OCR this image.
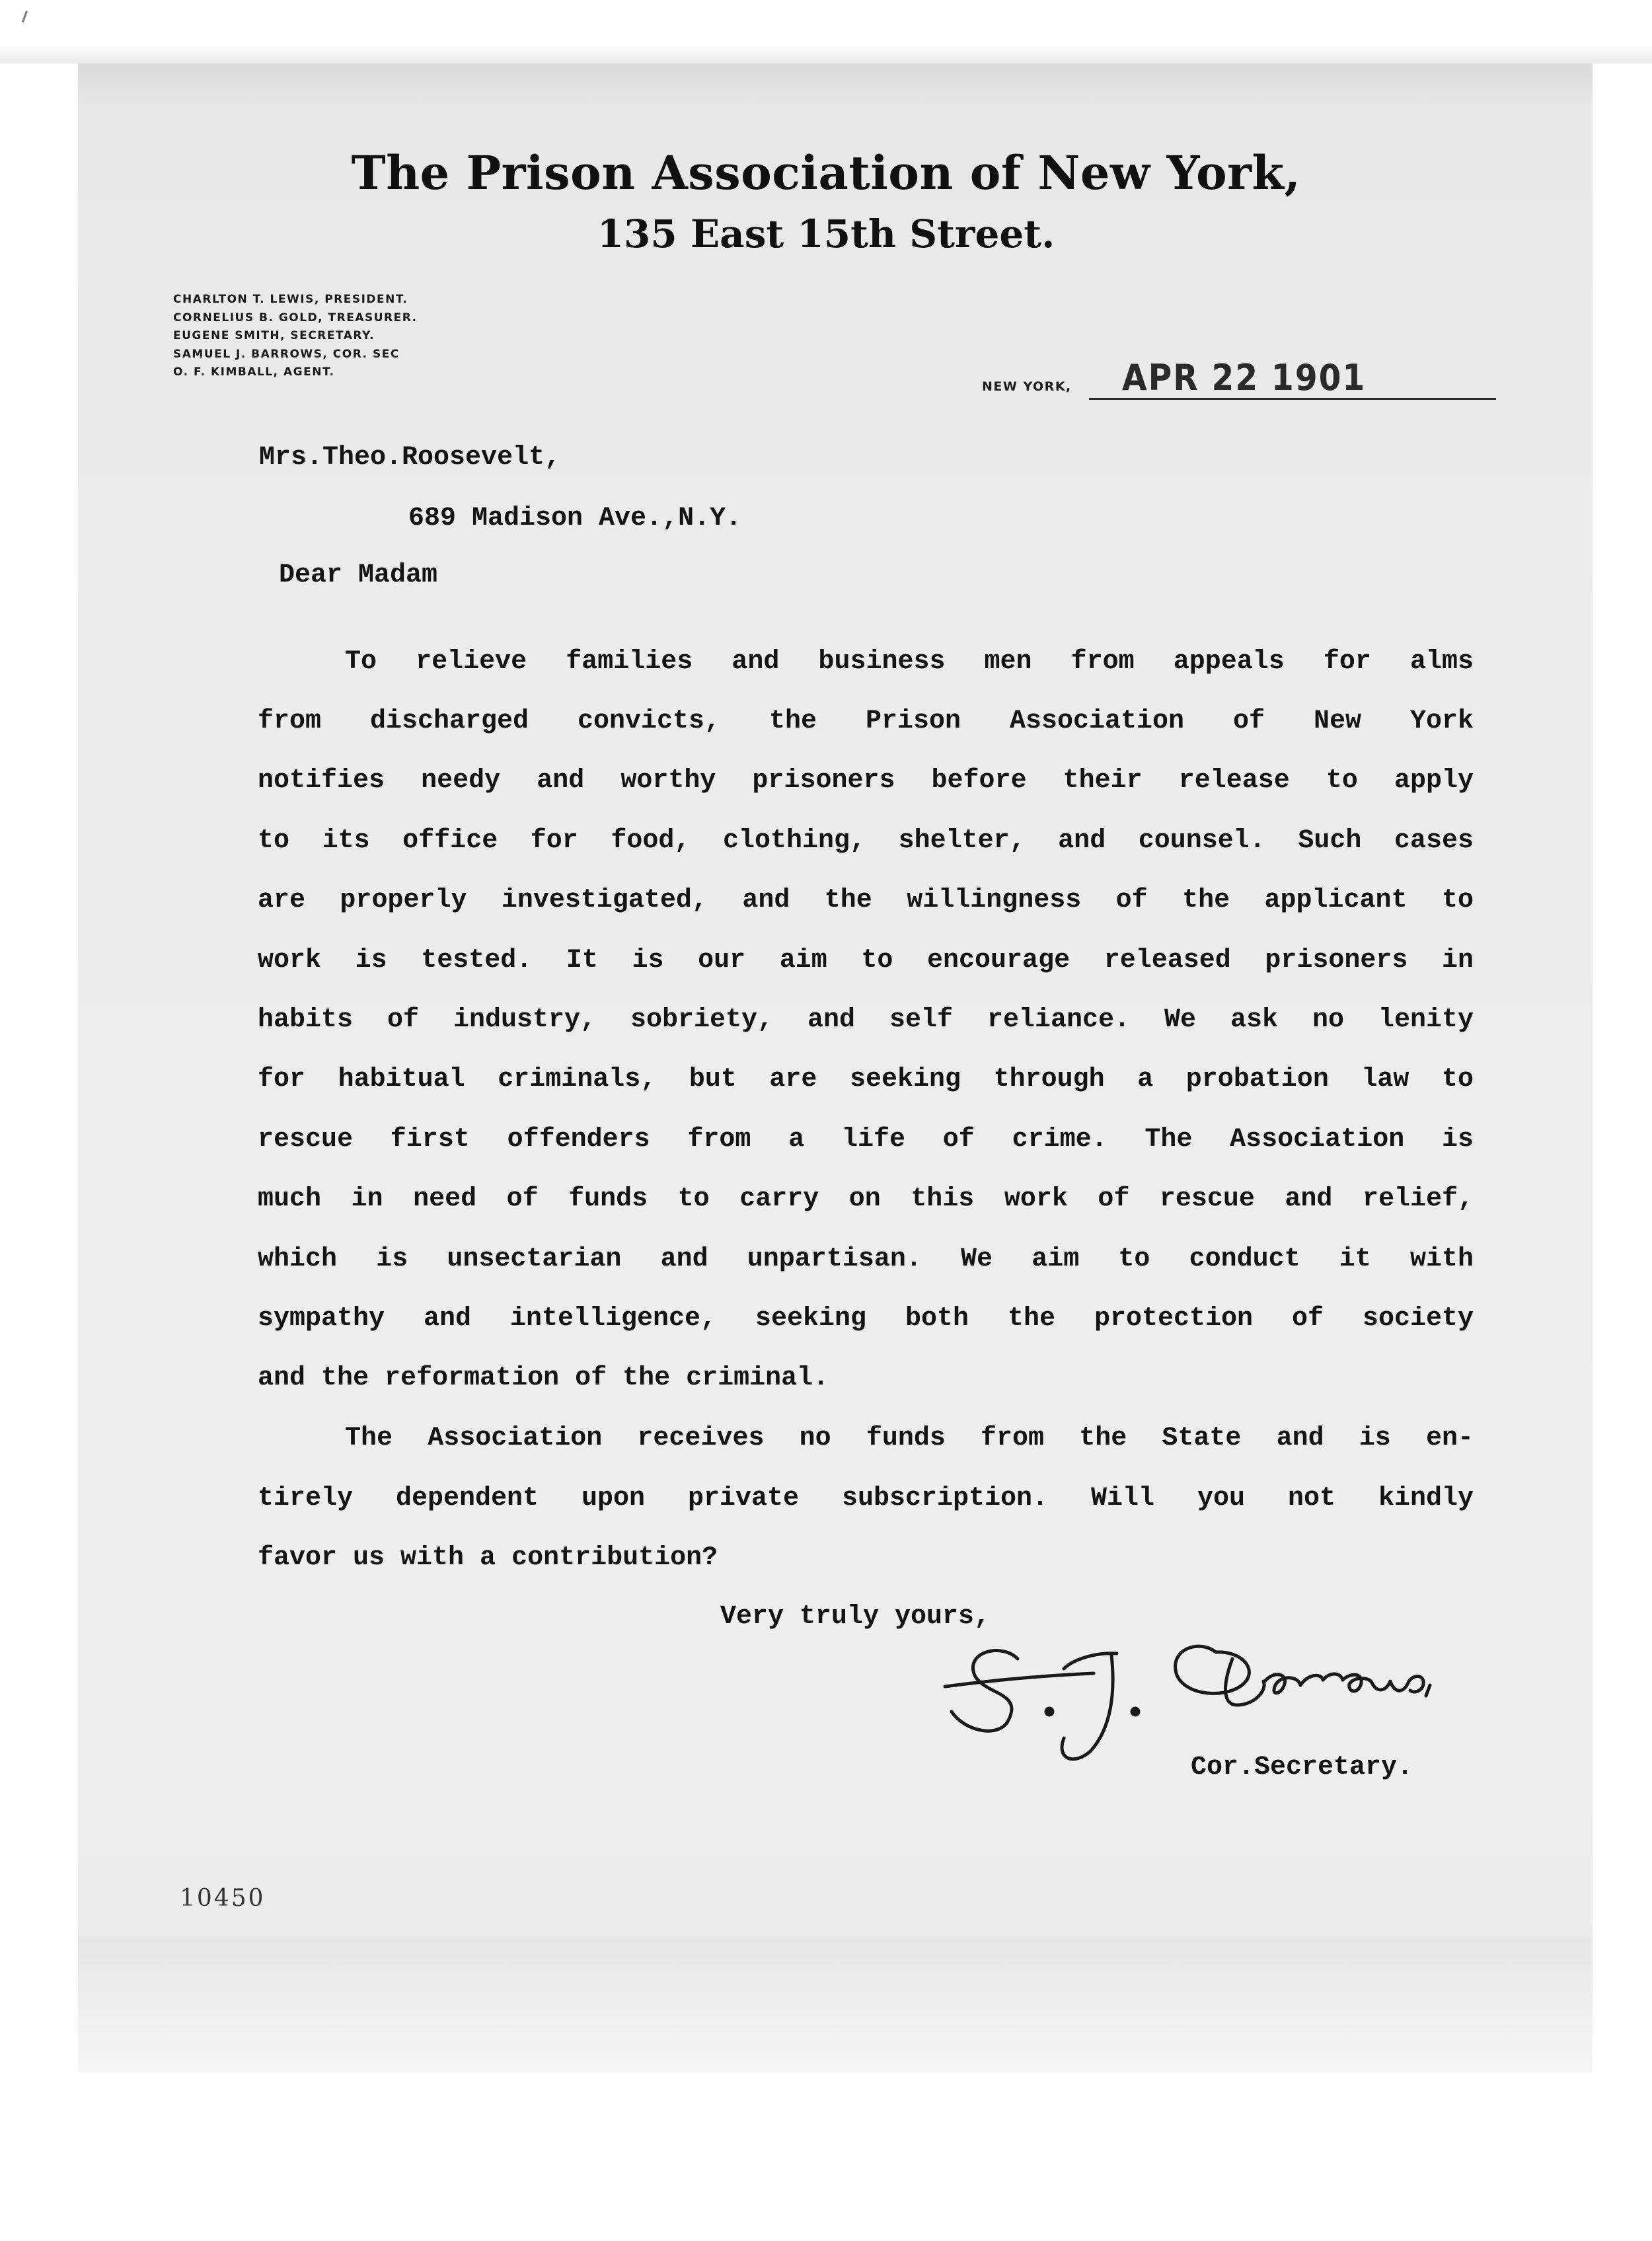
The Prison Association of New York,
135 East 15th Street.
CHARLTON T. LEWIS, PRESIDENT.
CORNELIUS B. GOLD, TREASURER.
EUGENE SMITH, SECRETARY.
SAMUEL J. BARROWS, COR. SEC
O. F. KIMBALL, AGENT.
NEW YORK, APR 22 1901
Mrs.Theo.Roosevelt,
689 Madison Ave.,N.Y.
Dear Madam
To relieve families and business men from appeals for alms
from discharged convicts, the Prison Association of New York
notifies needy and worthy prisoners before their release to apply
to its office for food, clothing, shelter, and counsel. Such cases
are properly investigated, and the willingness of the applicant to
work is tested. It is our aim to encourage released prisoners in
habits of industry, sobriety, and self reliance. We ask no lenity
for habitual criminals, but are seeking through a probation law to
rescue first offenders from a life of crime. The Association is
much in need of funds to carry on this work of rescue and relief,
which is unsectarian and unpartisan. We aim to conduct it with
sympathy and intelligence, seeking both the protection of society
and the reformation of the criminal.
The Association receives no funds from the State and is en-
tirely dependent upon private subscription. Will you not kindly
favor us with a contribution?
Very truly yours,
Cor.Secretary.
10450
